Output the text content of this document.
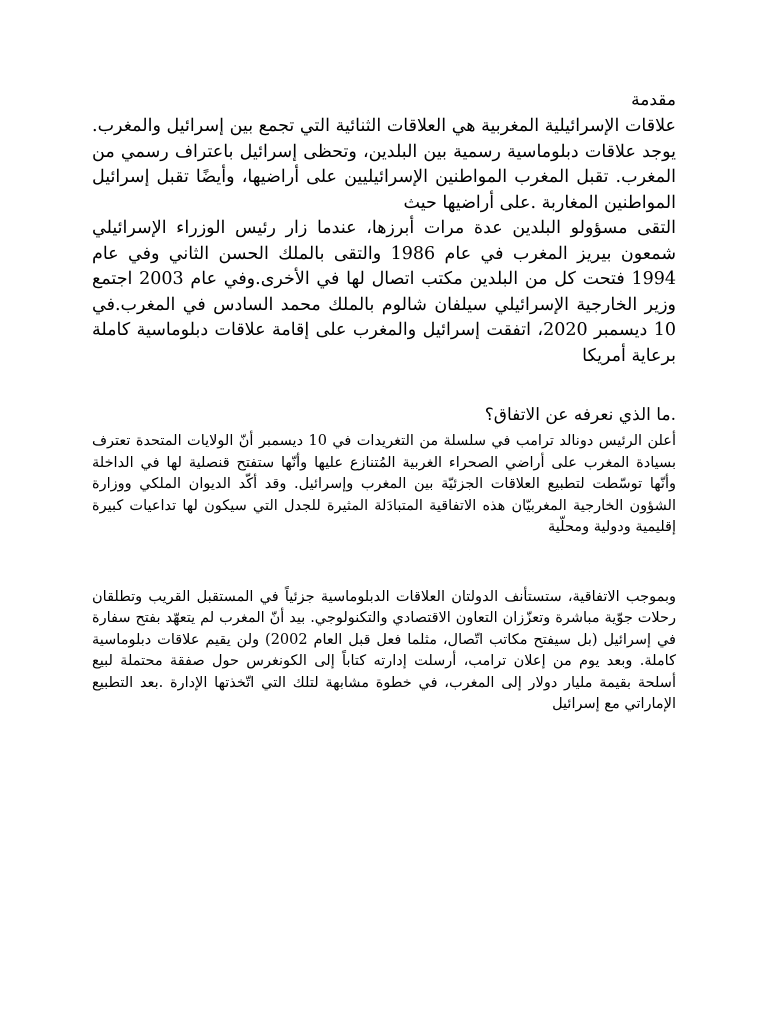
مقدمة

علاقات الإسرائيلية المغربية هي العلاقات الثنائية التي تجمع بين إسرائيل والمغرب. يوجد علاقات دبلوماسية رسمية بين البلدين، وتحظى إسرائيل باعتراف رسمي من المغرب. تقبل المغرب المواطنين الإسرائيليين على أراضيها، وأيضًا تقبل إسرائيل المواطنين المغاربة .على أراضيها حيث

التقى مسؤولو البلدين عدة مرات أبرزها، عندما زار رئيس الوزراء الإسرائيلي شمعون بيريز المغرب في عام 1986 والتقى بالملك الحسن الثاني وفي عام 1994 فتحت كل من البلدين مكتب اتصال لها في الأخرى.وفي عام 2003 اجتمع وزير الخارجية الإسرائيلي سيلفان شالوم بالملك محمد السادس في المغرب.في 10 ديسمبر 2020، اتفقت إسرائيل والمغرب على إقامة علاقات دبلوماسية كاملة برعاية أمريكا

.ما الذي نعرفه عن الاتفاق؟

أعلن الرئيس دونالد ترامب في سلسلة من التغريدات في 10 ديسمبر أنّ الولايات المتحدة تعترف بسيادة المغرب على أراضي الصحراء الغربية المُتنازع عليها وأنّها ستفتح قنصلية لها في الداخلة وأنّها توسّطت لتطبيع العلاقات الجزئيّة بين المغرب وإسرائيل. وقد أكّد الديوان الملكي ووزارة الشؤون الخارجية المغربيّان هذه الاتفاقية المتبادَلة المثيرة للجدل التي سيكون لها تداعيات كبيرة إقليمية ودولية ومحلّية

وبموجب الاتفاقية، ستستأنف الدولتان العلاقات الدبلوماسية جزئياً في المستقبل القريب وتطلقان رحلات جوّية مباشرة وتعزّزان التعاون الاقتصادي والتكنولوجي. بيد أنّ المغرب لم يتعهّد بفتح سفارة في إسرائيل (بل سيفتح مكاتب اتّصال، مثلما فعل قبل العام 2002) ولن يقيم علاقات دبلوماسية كاملة. وبعد يوم من إعلان ترامب، أرسلت إدارته كتاباً إلى الكونغرس حول صفقة محتملة لبيع أسلحة بقيمة مليار دولار إلى المغرب، في خطوة مشابهة لتلك التي اتّخذتها الإدارة .بعد التطبيع الإماراتي مع إسرائيل
